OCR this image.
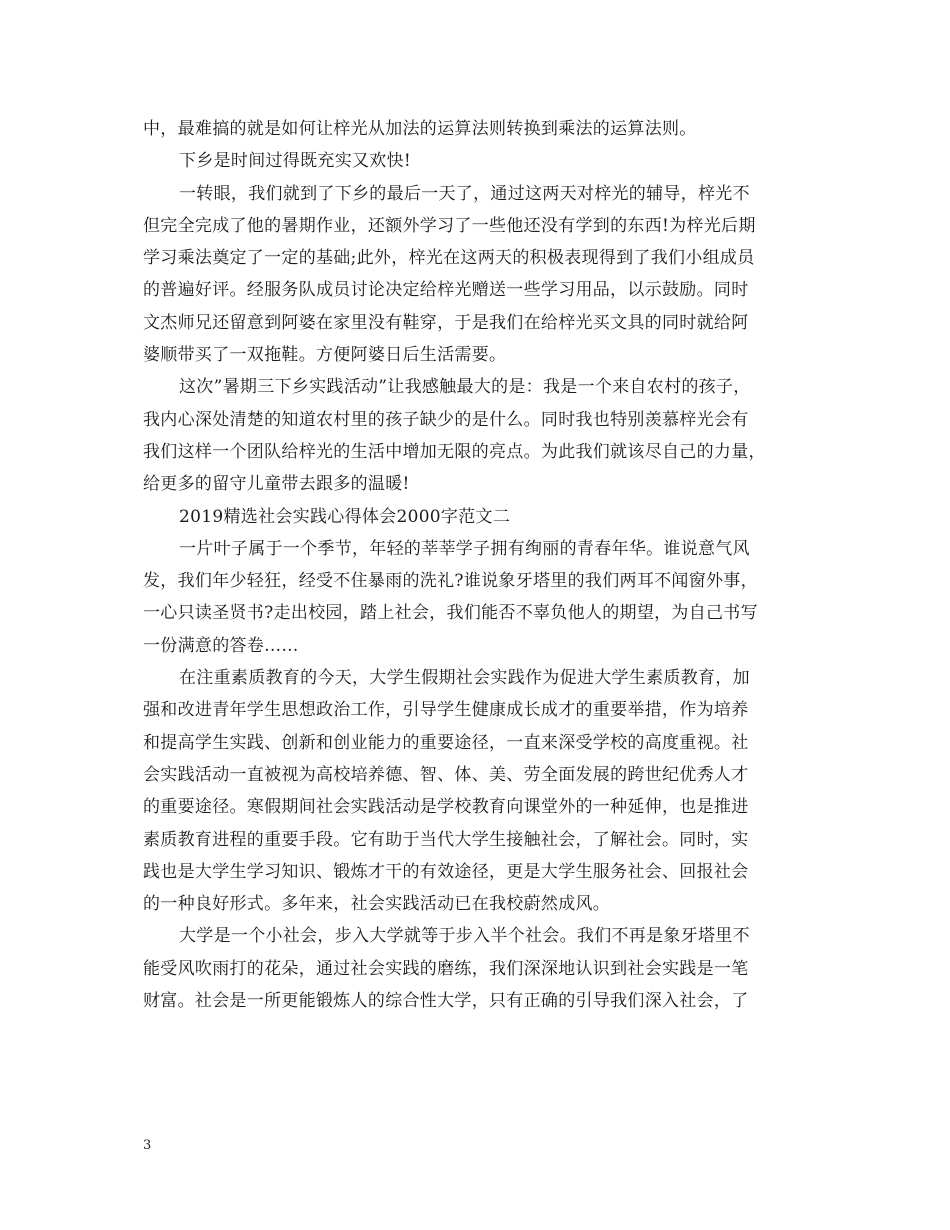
中，最难搞的就是如何让梓光从加法的运算法则转换到乘法的运算法则。
下乡是时间过得既充实又欢快!
一转眼，我们就到了下乡的最后一天了，通过这两天对梓光的辅导，梓光不
但完全完成了他的暑期作业，还额外学习了一些他还没有学到的东西!为梓光后期
学习乘法奠定了一定的基础;此外，梓光在这两天的积极表现得到了我们小组成员
的普遍好评。经服务队成员讨论决定给梓光赠送一些学习用品，以示鼓励。同时
文杰师兄还留意到阿婆在家里没有鞋穿，于是我们在给梓光买文具的同时就给阿
婆顺带买了一双拖鞋。方便阿婆日后生活需要。
这次”暑期三下乡实践活动”让我感触最大的是：我是一个来自农村的孩子，
我内心深处清楚的知道农村里的孩子缺少的是什么。同时我也特别羡慕梓光会有
我们这样一个团队给梓光的生活中增加无限的亮点。为此我们就该尽自己的力量，
给更多的留守儿童带去跟多的温暖!
2019精选社会实践心得体会2000字范文二
一片叶子属于一个季节，年轻的莘莘学子拥有绚丽的青春年华。谁说意气风
发，我们年少轻狂，经受不住暴雨的洗礼?谁说象牙塔里的我们两耳不闻窗外事，
一心只读圣贤书?走出校园，踏上社会，我们能否不辜负他人的期望，为自己书写
一份满意的答卷……
在注重素质教育的今天，大学生假期社会实践作为促进大学生素质教育，加
强和改进青年学生思想政治工作，引导学生健康成长成才的重要举措，作为培养
和提高学生实践、创新和创业能力的重要途径，一直来深受学校的高度重视。社
会实践活动一直被视为高校培养德、智、体、美、劳全面发展的跨世纪优秀人才
的重要途径。寒假期间社会实践活动是学校教育向课堂外的一种延伸，也是推进
素质教育进程的重要手段。它有助于当代大学生接触社会，了解社会。同时，实
践也是大学生学习知识、锻炼才干的有效途径，更是大学生服务社会、回报社会
的一种良好形式。多年来，社会实践活动已在我校蔚然成风。
大学是一个小社会，步入大学就等于步入半个社会。我们不再是象牙塔里不
能受风吹雨打的花朵，通过社会实践的磨练，我们深深地认识到社会实践是一笔
财富。社会是一所更能锻炼人的综合性大学，只有正确的引导我们深入社会，了
3
